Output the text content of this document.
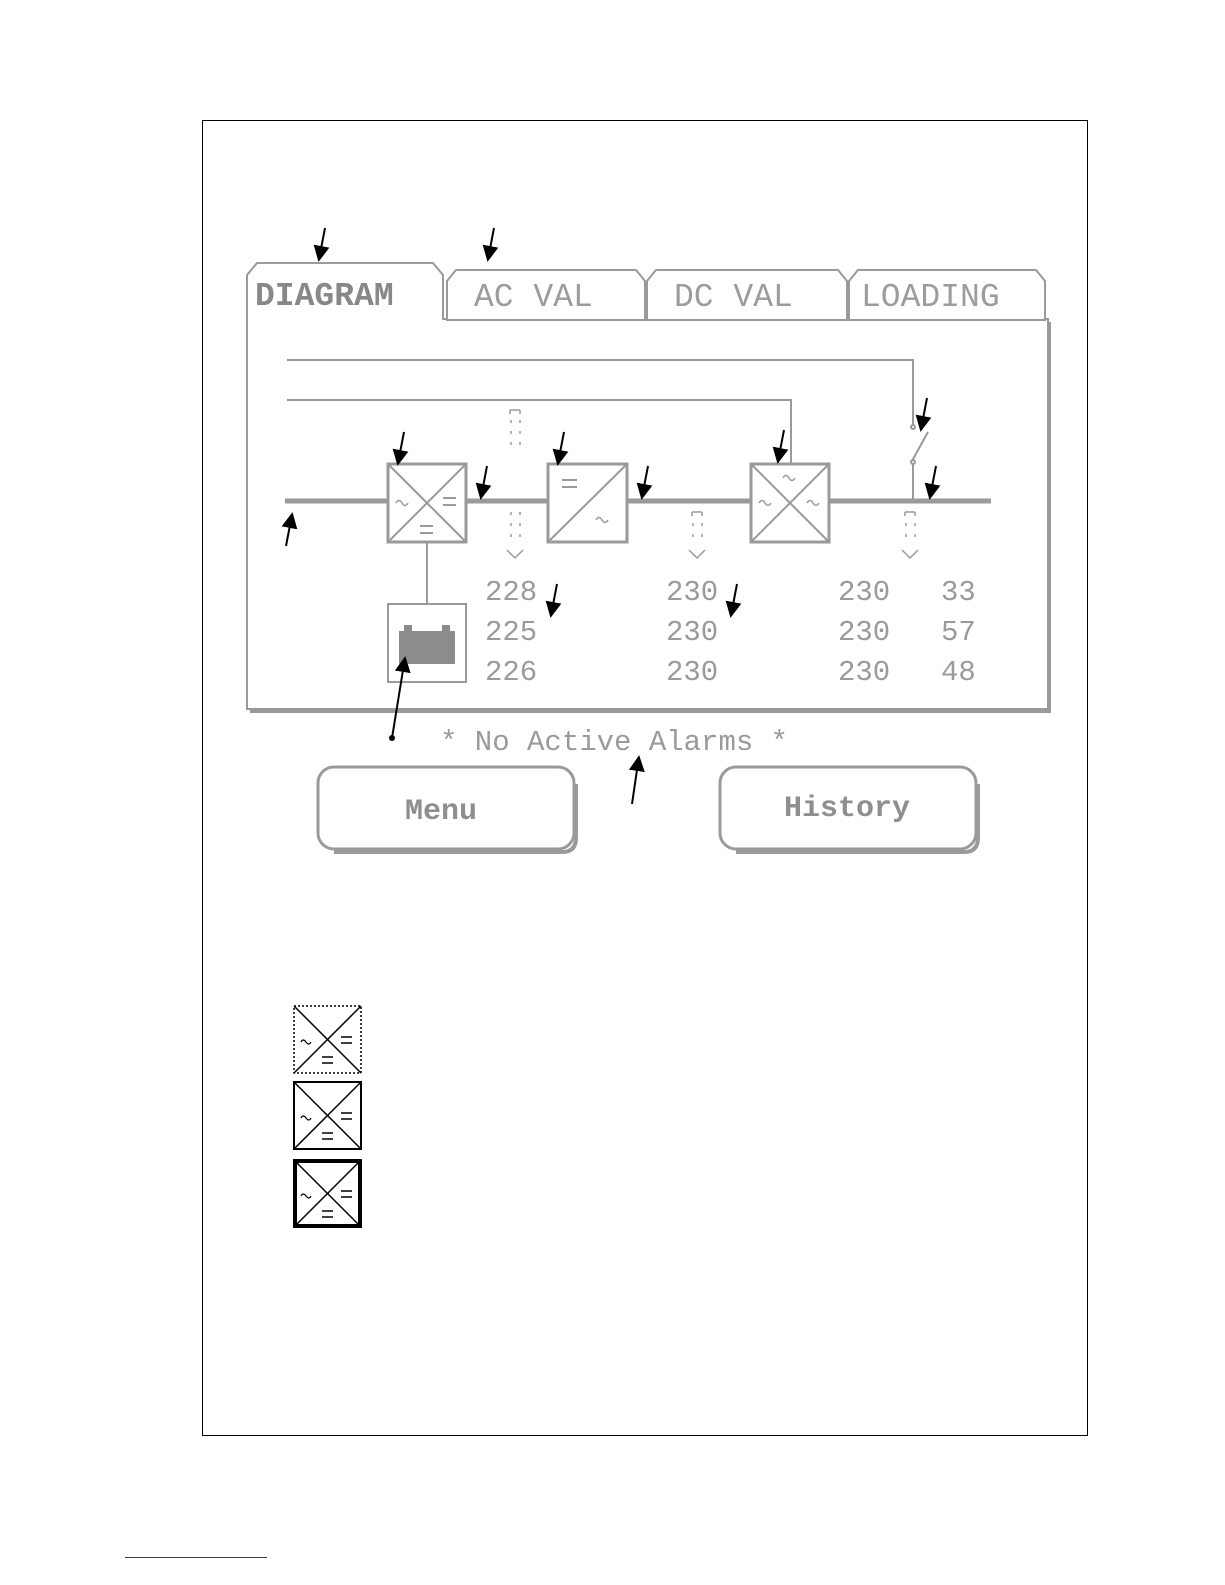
DIAGRAM AC VAL DC VAL LOADING
228
225
226
230
230
230
230
230
230
33
57
48
* No Active Alarms *
Menu	History
